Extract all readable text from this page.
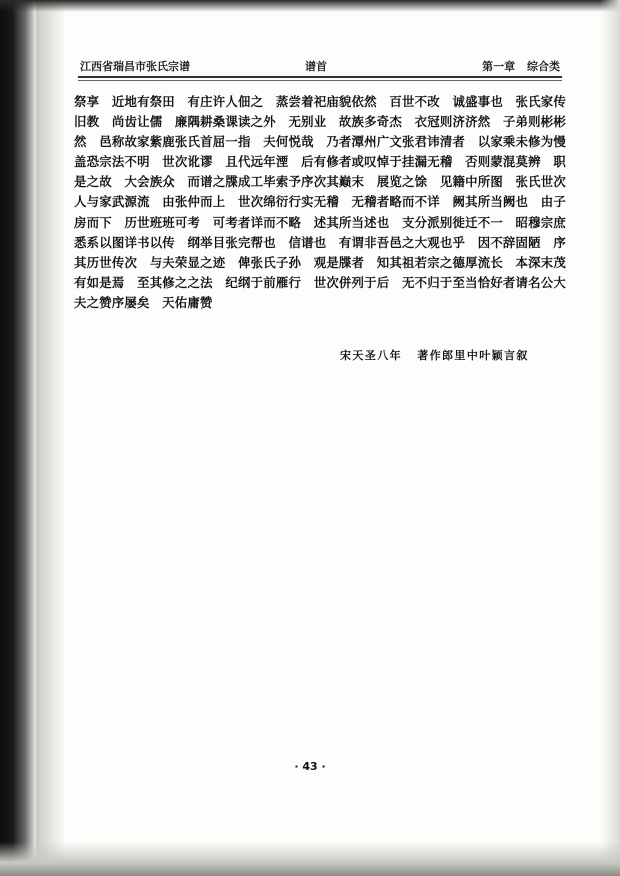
江西省瑞昌市张氏宗谱	谱首	第一章 综合类

祭享　近地有祭田　有庄许人佃之　蒸尝着祀庙貌依然　百世不改　诚盛事也　张氏家传旧教　尚齿让儒　廉隅耕桑课读之外　无别业　故族多奇杰　衣冠则济济然　子弟则彬彬然　邑称故家紫鹿张氏首屈一指　夫何悦哉　乃者潭州广文张君讳清者　以家乘未修为慢　盖恐宗法不明　世次讹谬　且代远年湮　后有修者或叹悼于挂漏无稽　否则蒙混莫辨　职是之故　大会族众　而谱之牒成工毕索予序次其巅末　展览之馀　见籍中所图　张氏世次人与家武源流　由张仲而上　世次绵衍行实无稽　无稽者略而不详　阙其所当阙也　由子房而下　历世班班可考　可考者详而不略　述其所当述也　支分派别徙迁不一　昭穆宗庶悉系以图详书以传　纲举目张完帮也　信谱也　有谓非吾邑之大观也乎　因不辞固陋　序其历世传次　与夫荣显之迹　俾张氏子孙　观是牒者　知其祖若宗之德厚流长　本深末茂　有如是焉　至其修之之法　纪纲于前雁行　世次併列于后　无不归于至当恰好者请名公大夫之赞序屡矣　天佑庸赞

宋天圣八年 著作郎里中叶颖言叙
· 43 ·
